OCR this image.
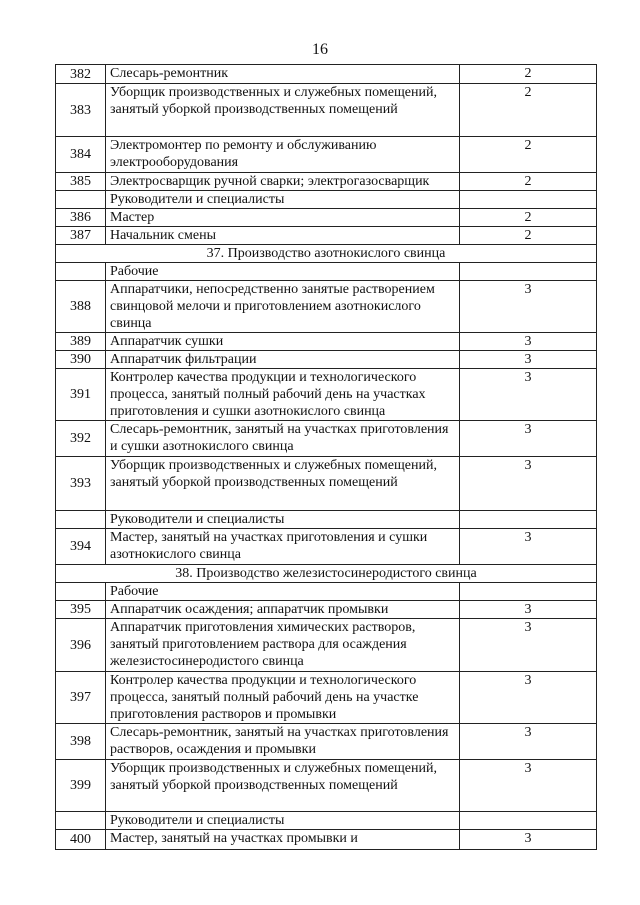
16
382	Слесарь-ремонтник	2
383	Уборщик производственных и служебных помещений, занятый уборкой производственных помещений	2
384	Электромонтер по ремонту и обслуживанию электрооборудования	2
385	Электросварщик ручной сварки; электрогазосварщик	2
	Руководители и специалисты	
386	Мастер	2
387	Начальник смены	2
37. Производство азотнокислого свинца		
	Рабочие	
388	Аппаратчики, непосредственно занятые растворением свинцовой мелочи и приготовлением азотнокислого свинца	3
389	Аппаратчик сушки	3
390	Аппаратчик фильтрации	3
391	Контролер качества продукции и технологического процесса, занятый полный рабочий день на участках приготовления и сушки азотнокислого свинца	3
392	Слесарь-ремонтник, занятый на участках приготовления и сушки азотнокислого свинца	3
393	Уборщик производственных и служебных помещений, занятый уборкой производственных помещений	3
	Руководители и специалисты	
394	Мастер, занятый на участках приготовления и сушки азотнокислого свинца	3
38. Производство железистосинеродистого свинца		
	Рабочие	
395	Аппаратчик осаждения; аппаратчик промывки	3
396	Аппаратчик приготовления химических растворов, занятый приготовлением раствора для осаждения железистосинеродистого свинца	3
397	Контролер качества продукции и технологического процесса, занятый полный рабочий день на участке приготовления растворов и промывки	3
398	Слесарь-ремонтник, занятый на участках приготовления растворов, осаждения и промывки	3
399	Уборщик производственных и служебных помещений, занятый уборкой производственных помещений	3
	Руководители и специалисты	
400	Мастер, занятый на участках промывки и	3
